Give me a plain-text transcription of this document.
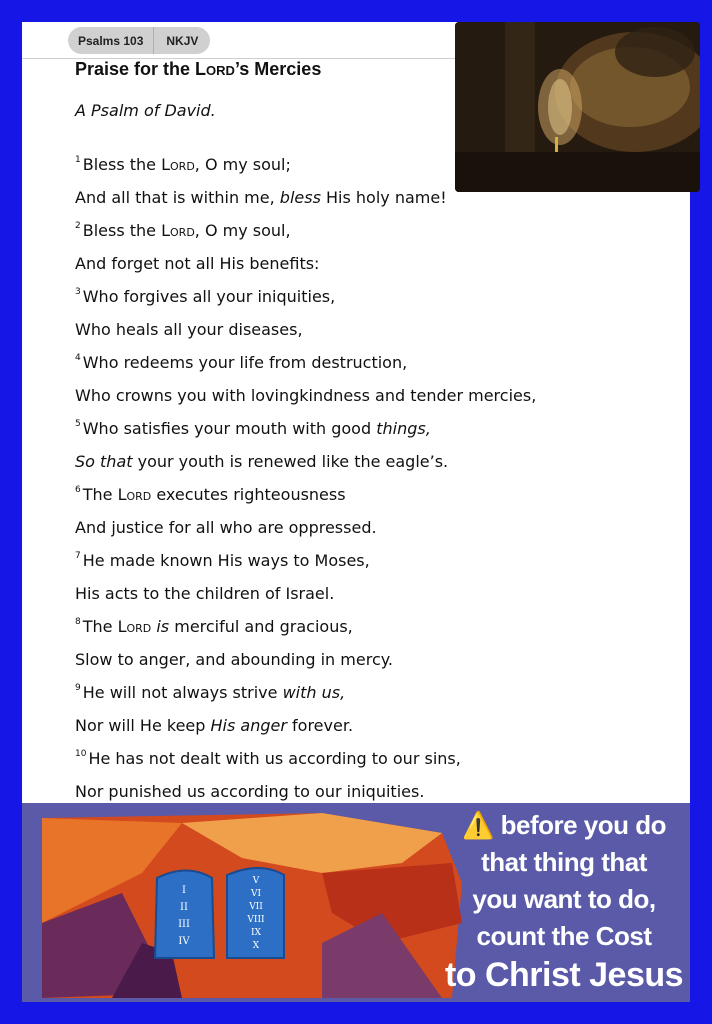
Psalms 103	NKJV
Praise for the Lord’s Mercies

A Psalm of David.

$^1$ Bless the Lord, O my soul;
And all that is within me, bless His holy name!
$^2$ Bless the Lord, O my soul,
And forget not all His benefits:
$^3$ Who forgives all your iniquities,
Who heals all your diseases,
$^4$ Who redeems your life from destruction,
Who crowns you with lovingkindness and tender mercies,
$^5$ Who satisfies your mouth with good things,
So that your youth is renewed like the eagle’s.
$^6$ The Lord executes righteousness
And justice for all who are oppressed.
$^7$ He made known His ways to Moses,
His acts to the children of Israel.
$^8$ The Lord is merciful and gracious,
Slow to anger, and abounding in mercy.
$^9$ He will not always strive with us,
Nor will He keep His anger forever.
$^{10}$ He has not dealt with us according to our sins,
Nor punished us according to our iniquities.
I
II
III
IV
V
VI
VII
VIII
IX
X
⚠️ before you do
that thing that
you want to do,
count the Cost
to Christ Jesus
